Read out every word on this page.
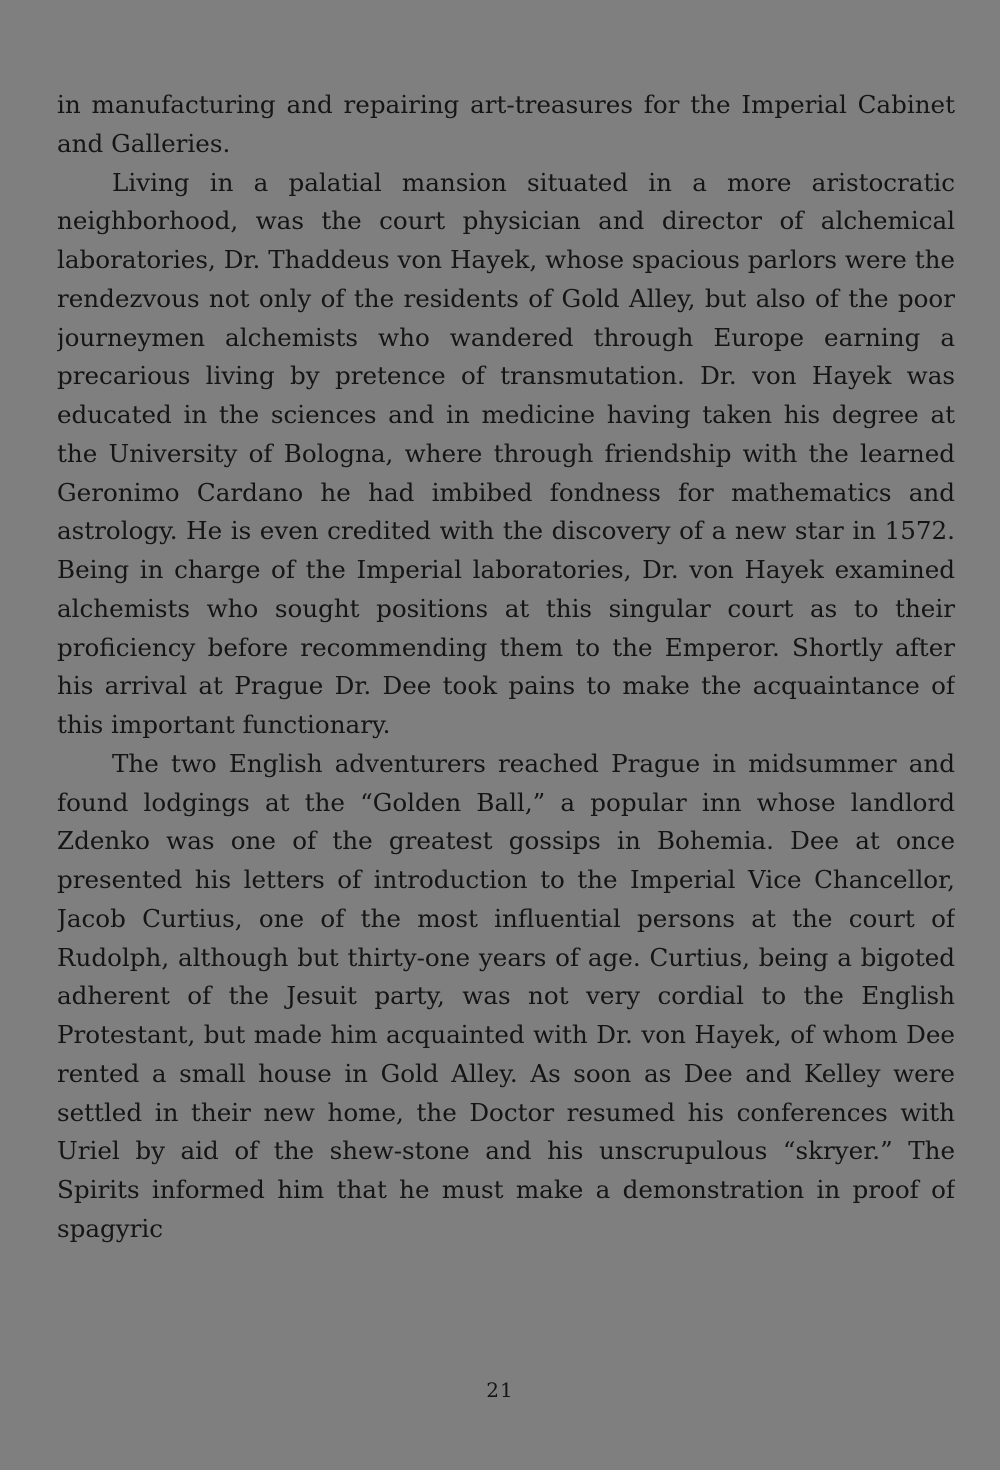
in manufacturing and repairing art-treasures for the Imperial Cabinet and Galleries.

Living in a palatial mansion situated in a more aristocratic neighborhood, was the court physician and director of alchemical laboratories, Dr. Thaddeus von Hayek, whose spacious parlors were the rendezvous not only of the residents of Gold Alley, but also of the poor journeymen alchemists who wandered through Europe earning a precarious living by pretence of transmutation. Dr. von Hayek was educated in the sciences and in medicine having taken his degree at the University of Bologna, where through friendship with the learned Geronimo Cardano he had imbibed fondness for mathematics and astrology. He is even credited with the discovery of a new star in 1572. Being in charge of the Imperial laboratories, Dr. von Hayek examined alchemists who sought positions at this singular court as to their proficiency before recommending them to the Emperor. Shortly after his arrival at Prague Dr. Dee took pains to make the acquaintance of this important functionary.

The two English adventurers reached Prague in midsummer and found lodgings at the “Golden Ball,” a popular inn whose landlord Zdenko was one of the greatest gossips in Bohemia. Dee at once presented his letters of introduction to the Imperial Vice Chancellor, Jacob Curtius, one of the most influential persons at the court of Rudolph, although but thirty-one years of age. Curtius, being a bigoted adherent of the Jesuit party, was not very cordial to the English Protestant, but made him acquainted with Dr. von Hayek, of whom Dee rented a small house in Gold Alley. As soon as Dee and Kelley were settled in their new home, the Doctor resumed his conferences with Uriel by aid of the shew-stone and his unscrupulous “skryer.” The Spirits informed him that he must make a demonstration in proof of spagyric

21
